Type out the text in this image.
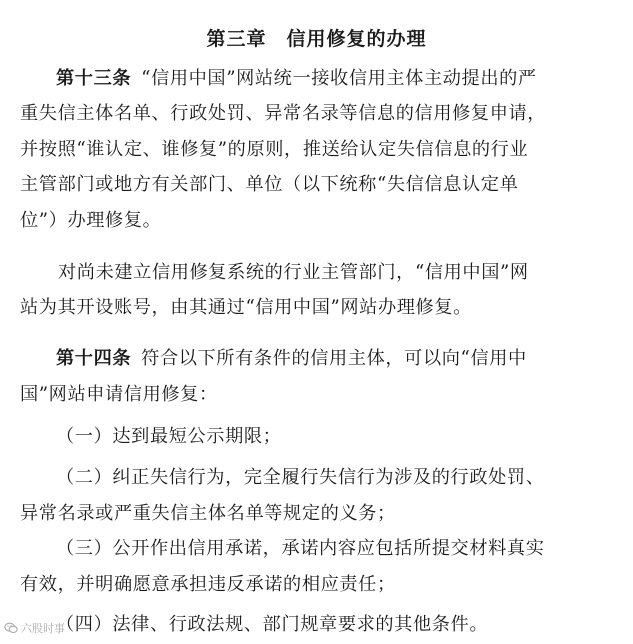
第三章　信用修复的办理
第十三条 “信用中国”网站统一接收信用主体主动提出的严
重失信主体名单、行政处罚、异常名录等信息的信用修复申请，
并按照“谁认定、谁修复”的原则，推送给认定失信信息的行业
主管部门或地方有关部门、单位（以下统称“失信信息认定单
位”）办理修复。
对尚未建立信用修复系统的行业主管部门，“信用中国”网
站为其开设账号，由其通过“信用中国”网站办理修复。
第十四条 符合以下所有条件的信用主体，可以向“信用中
国”网站申请信用修复：
（一）达到最短公示期限；
（二）纠正失信行为，完全履行失信行为涉及的行政处罚、
异常名录或严重失信主体名单等规定的义务；
（三）公开作出信用承诺，承诺内容应包括所提交材料真实
有效，并明确愿意承担违反承诺的相应责任；
（四）法律、行政法规、部门规章要求的其他条件。
六股时事
